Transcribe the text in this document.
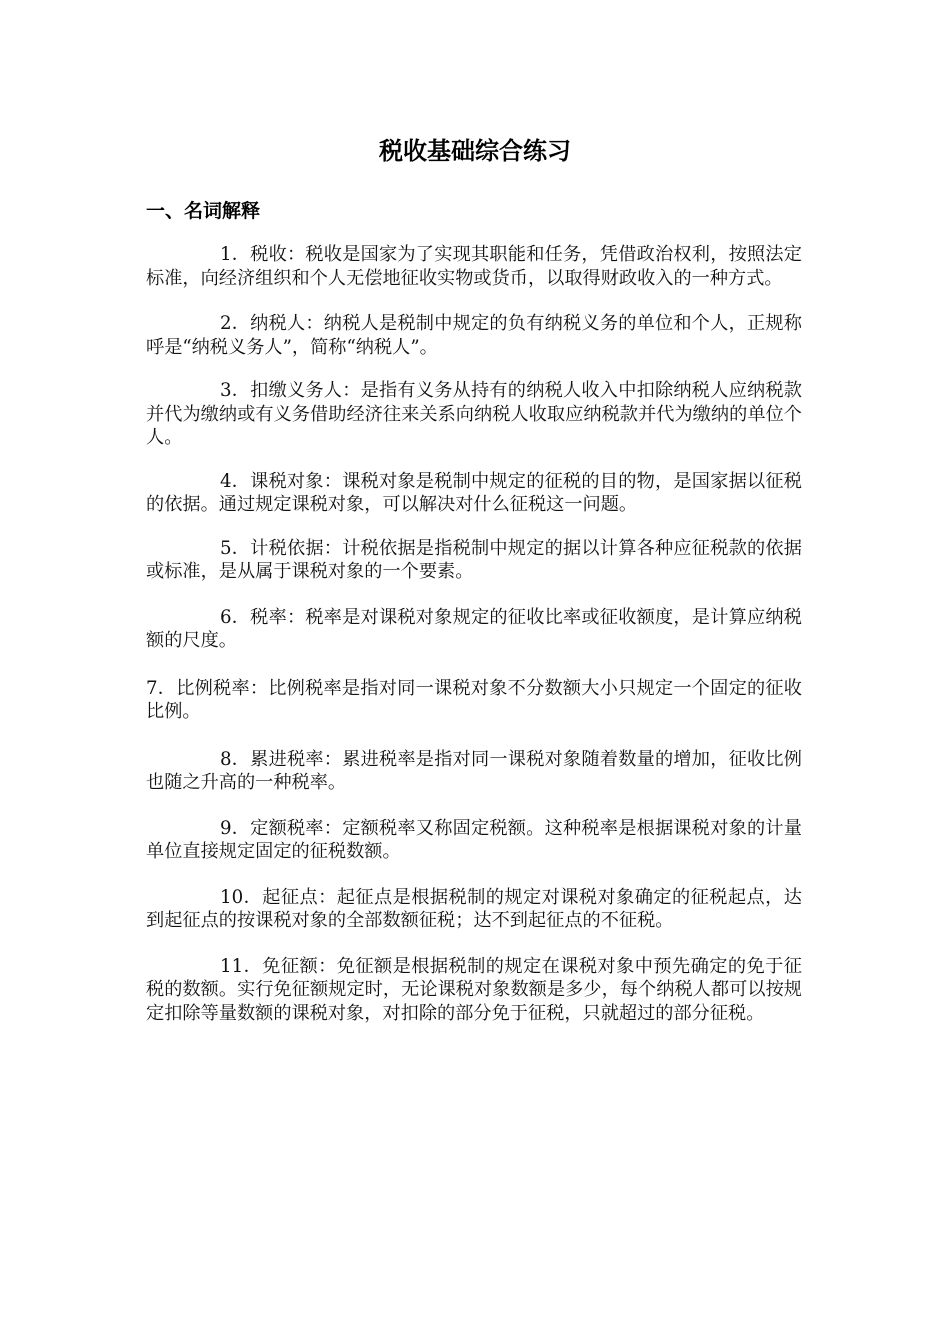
税收基础综合练习
一、名词解释

1．税收：税收是国家为了实现其职能和任务，凭借政治权利，按照法定标准，向经济组织和个人无偿地征收实物或货币，以取得财政收入的一种方式。

2．纳税人：纳税人是税制中规定的负有纳税义务的单位和个人，正规称呼是“纳税义务人”，简称“纳税人”。

3．扣缴义务人：是指有义务从持有的纳税人收入中扣除纳税人应纳税款并代为缴纳或有义务借助经济往来关系向纳税人收取应纳税款并代为缴纳的单位个人。

4．课税对象：课税对象是税制中规定的征税的目的物，是国家据以征税的依据。通过规定课税对象，可以解决对什么征税这一问题。

5．计税依据：计税依据是指税制中规定的据以计算各种应征税款的依据或标准，是从属于课税对象的一个要素。

6．税率：税率是对课税对象规定的征收比率或征收额度，是计算应纳税额的尺度。

7．比例税率：比例税率是指对同一课税对象不分数额大小只规定一个固定的征收比例。

8．累进税率：累进税率是指对同一课税对象随着数量的增加，征收比例也随之升高的一种税率。

9．定额税率：定额税率又称固定税额。这种税率是根据课税对象的计量单位直接规定固定的征税数额。

10．起征点：起征点是根据税制的规定对课税对象确定的征税起点，达到起征点的按课税对象的全部数额征税；达不到起征点的不征税。

11．免征额：免征额是根据税制的规定在课税对象中预先确定的免于征税的数额。实行免征额规定时，无论课税对象数额是多少，每个纳税人都可以按规定扣除等量数额的课税对象，对扣除的部分免于征税，只就超过的部分征税。
